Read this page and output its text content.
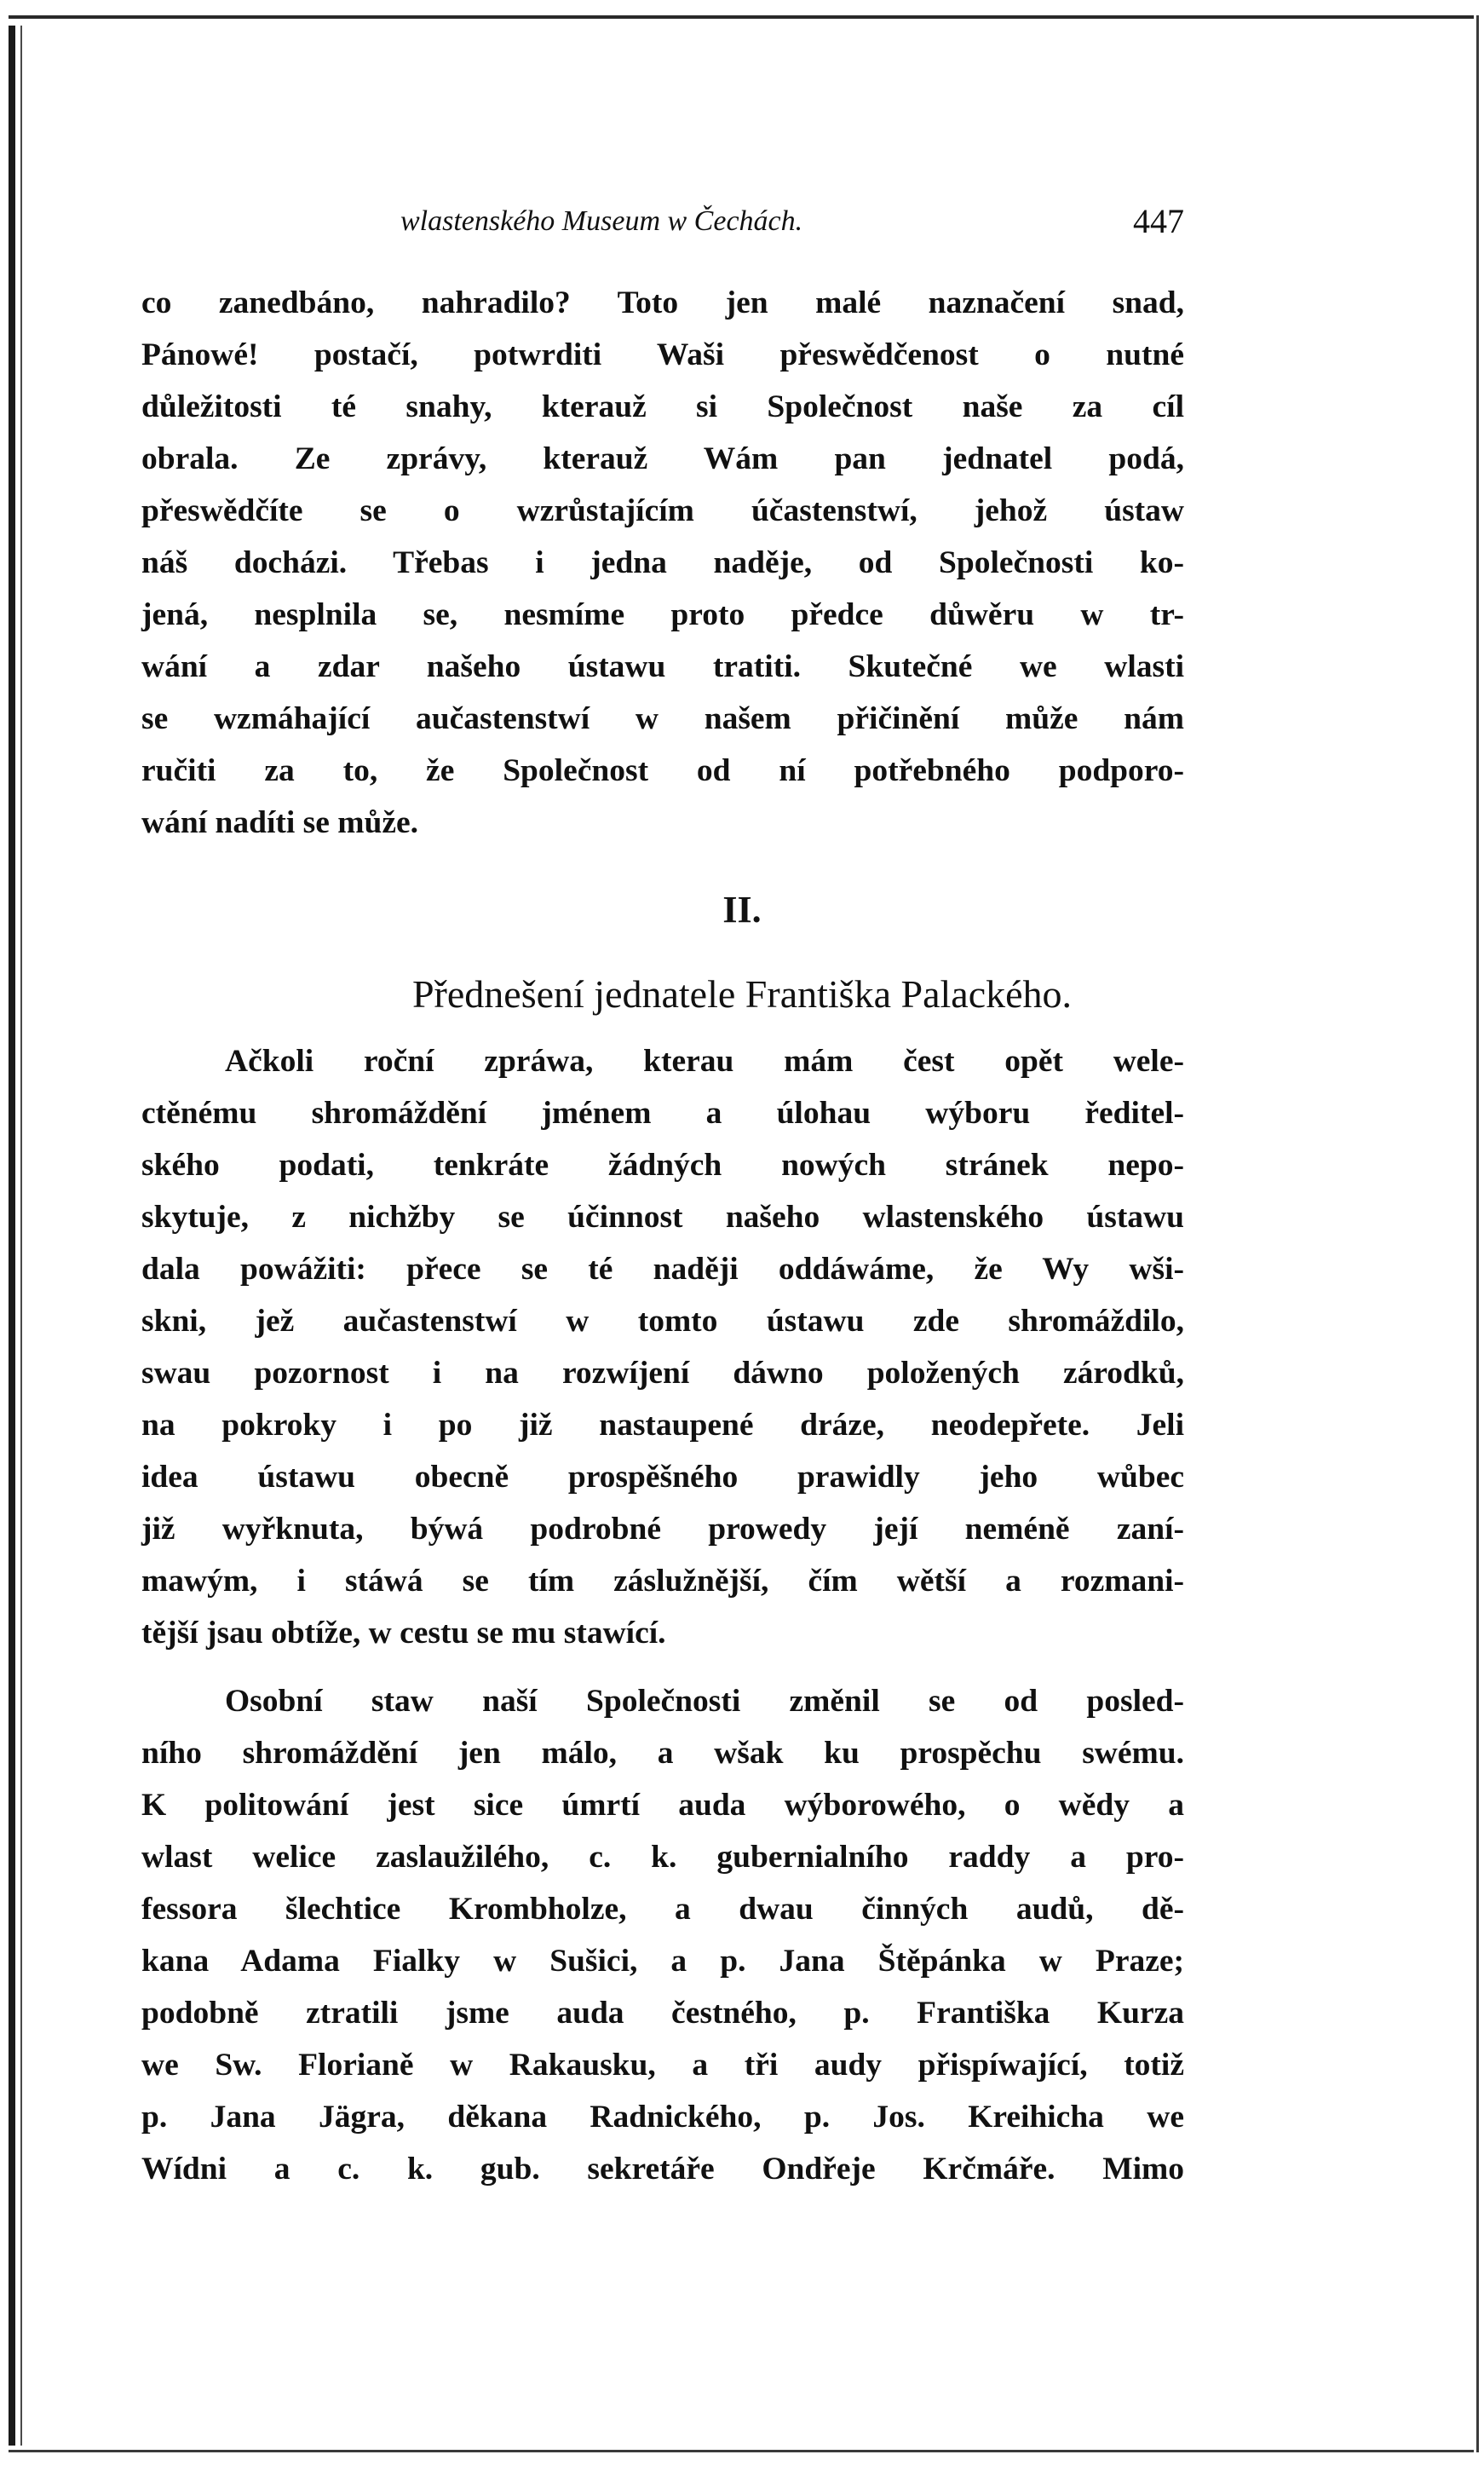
wlastenského Museum w Čechách.	447
co zanedbáno, nahradilo? Toto jen malé naznačení snad,
Pánowé! postačí, potwrditi Waši přeswědčenost o nutné
důležitosti té snahy, kterauž si Společnost naše za cíl
obrala. Ze zprávy, kterauž Wám pan jednatel podá,
přeswědčíte se o wzrůstajícím účastenstwí, jehož ústaw
náš docházi. Třebas i jedna naděje, od Společnosti ko-
jená, nesplnila se, nesmíme proto předce důwěru w tr-
wání a zdar našeho ústawu tratiti. Skutečné we wlasti
se wzmáhající aučastenstwí w našem přičinění může nám
ručiti za to, že Společnost od ní potřebného podporo-
wání nadíti se může.
II.
Přednešení jednatele Františka Palackého.
Ačkoli roční zpráwa, kterau mám čest opět wele-
ctěnému shromáždění jménem a úlohau wýboru ředitel-
ského podati, tenkráte žádných nowých stránek nepo-
skytuje, z nichžby se účinnost našeho wlastenského ústawu
dala powážiti: přece se té naději oddáwáme, že Wy wši-
skni, jež aučastenstwí w tomto ústawu zde shromáždilo,
swau pozornost i na rozwíjení dáwno položených zárodků,
na pokroky i po již nastaupené dráze, neodepřete. Jeli
idea ústawu obecně prospěšného prawidly jeho wůbec
již wyřknuta, býwá podrobné prowedy její neméně zaní-
mawým, i stáwá se tím záslužnější, čím wětší a rozmani-
tější jsau obtíže, w cestu se mu stawící.
Osobní staw naší Společnosti změnil se od posled-
ního shromáždění jen málo, a wšak ku prospěchu swému.
K politowání jest sice úmrtí auda wýborowého, o wědy a
wlast welice zaslaužilého, c. k. gubernialního raddy a pro-
fessora šlechtice Krombholze, a dwau činných audů, dě-
kana Adama Fialky w Sušici, a p. Jana Štěpánka w Praze;
podobně ztratili jsme auda čestného, p. Františka Kurza
we Sw. Florianě w Rakausku, a tři audy přispíwající, totiž
p. Jana Jägra, děkana Radnického, p. Jos. Kreihicha we
Wídni a c. k. gub. sekretáře Ondřeje Krčmáře. Mimo
